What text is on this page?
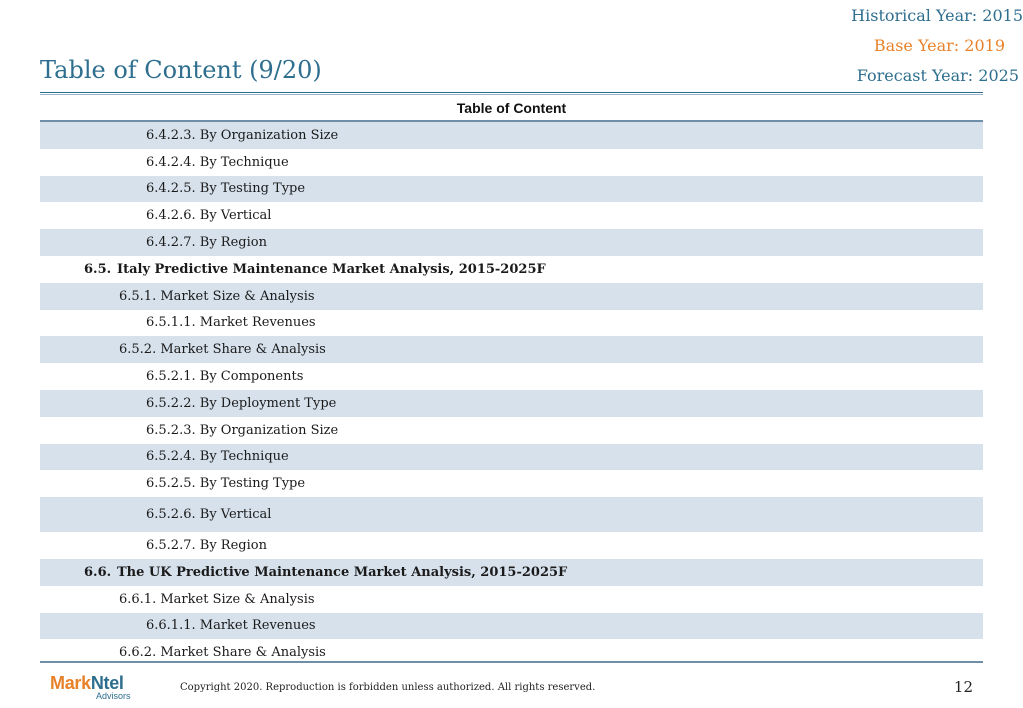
Historical Year: 2015
Base Year: 2019
Forecast Year: 2025
Table of Content (9/20)
Table of Content
6.4.2.3.
By Organization Size
6.4.2.4.
By Technique
6.4.2.5.
By Testing Type
6.4.2.6.
By Vertical
6.4.2.7.
By Region
6.5. Italy Predictive Maintenance Market Analysis, 2015-2025F
6.5.1.
Market Size & Analysis
6.5.1.1.
Market Revenues
6.5.2.
Market Share & Analysis
6.5.2.1.
By Components
6.5.2.2.
By Deployment Type
6.5.2.3.
By Organization Size
6.5.2.4.
By Technique
6.5.2.5.
By Testing Type
6.5.2.6.
By Vertical
6.5.2.7.
By Region
6.6. The UK Predictive Maintenance Market Analysis, 2015-2025F
6.6.1.
Market Size & Analysis
6.6.1.1.
Market Revenues
6.6.2.
Market Share & Analysis
MarkNtel
Advisors
Copyright 2020. Reproduction is forbidden unless authorized. All rights reserved.	12
